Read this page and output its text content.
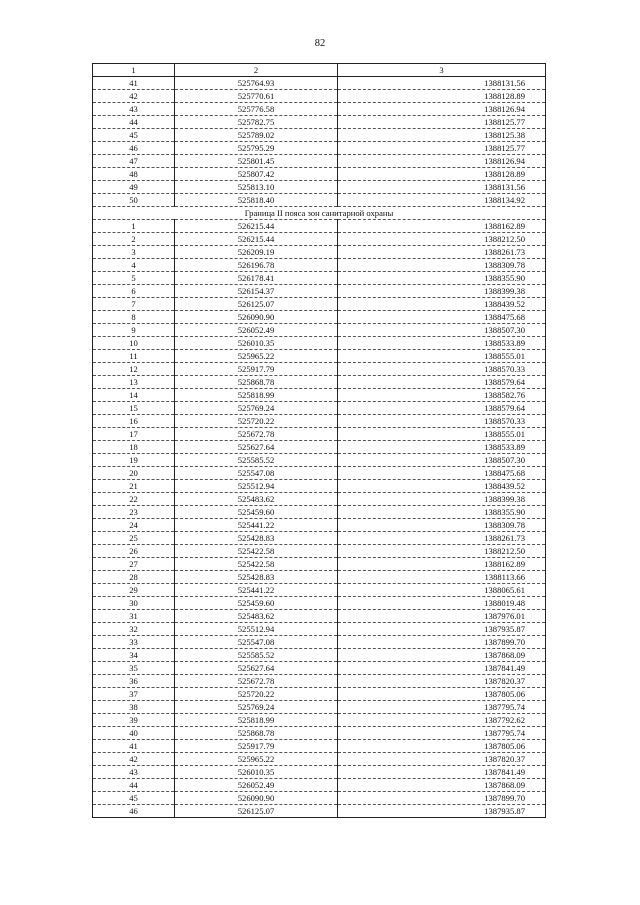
82
1	2	3
41	525764.93	1388131.56
42	525770.61	1388128.89
43	525776.58	1388126.94
44	525782.75	1388125.77
45	525789.02	1388125.38
46	525795.29	1388125.77
47	525801.45	1388126.94
48	525807.42	1388128.89
49	525813.10	1388131.56
50	525818.40	1388134.92
Граница II пояса зон санитарной охраны		
1	526215.44	1388162.89
2	526215.44	1388212.50
3	526209.19	1388261.73
4	526196.78	1388309.78
5	526178.41	1388355.90
6	526154.37	1388399.38
7	526125.07	1388439.52
8	526090.90	1388475.68
9	526052.49	1388507.30
10	526010.35	1388533.89
11	525965.22	1388555.01
12	525917.79	1388570.33
13	525868.78	1388579.64
14	525818.99	1388582.76
15	525769.24	1388579.64
16	525720.22	1388570.33
17	525672.78	1388555.01
18	525627.64	1388533.89
19	525585.52	1388507.30
20	525547.08	1388475.68
21	525512.94	1388439.52
22	525483.62	1388399.38
23	525459.60	1388355.90
24	525441.22	1388309.78
25	525428.83	1388261.73
26	525422.58	1388212.50
27	525422.58	1388162.89
28	525428.83	1388113.66
29	525441.22	1388065.61
30	525459.60	1388019.48
31	525483.62	1387976.01
32	525512.94	1387935.87
33	525547.08	1387899.70
34	525585.52	1387868.09
35	525627.64	1387841.49
36	525672.78	1387820.37
37	525720.22	1387805.06
38	525769.24	1387795.74
39	525818.99	1387792.62
40	525868.78	1387795.74
41	525917.79	1387805.06
42	525965.22	1387820.37
43	526010.35	1387841.49
44	526052.49	1387868.09
45	526090.90	1387899.70
46	526125.07	1387935.87
